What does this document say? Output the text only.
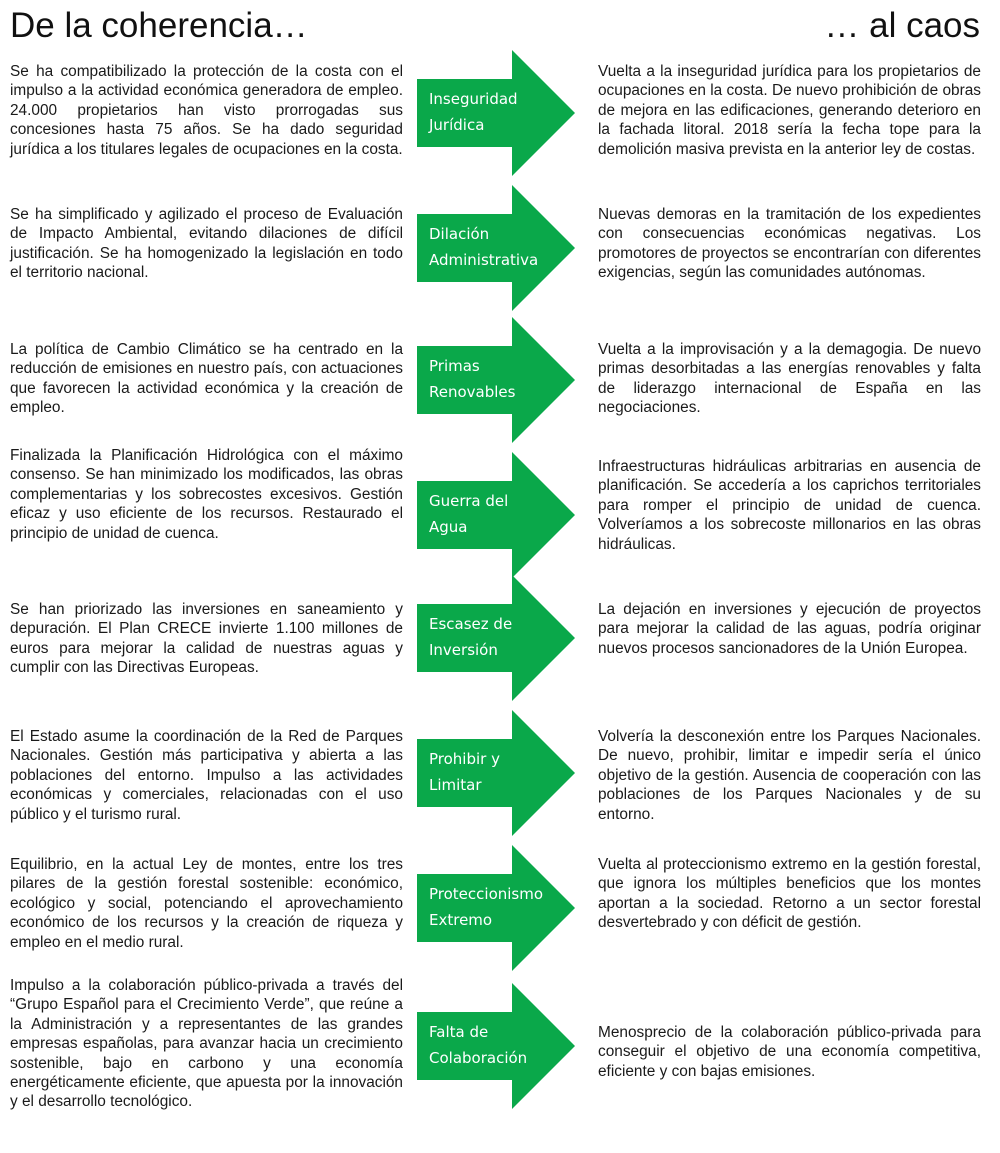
De la coherencia…	… al caos
Se ha compatibilizado la protección de la costa con el impulso a la actividad económica generadora de empleo. 24.000 propietarios han visto prorrogadas sus concesiones hasta 75 años. Se ha dado seguridad jurídica a los titulares legales de ocupaciones en la costa.
Inseguridad
Jurídica
Vuelta a la inseguridad jurídica para los propietarios de ocupaciones en la costa. De nuevo prohibición de obras de mejora en las edificaciones, generando deterioro en la fachada litoral. 2018 sería la fecha tope para la demolición masiva prevista en la anterior ley de costas.
Se ha simplificado y agilizado el proceso de Evaluación de Impacto Ambiental, evitando dilaciones de difícil justificación. Se ha homogenizado la legislación en todo el territorio nacional.
Dilación
Administrativa
Nuevas demoras en la tramitación de los expedientes con consecuencias económicas negativas. Los promotores de proyectos se encontrarían con diferentes exigencias, según las comunidades autónomas.
La política de Cambio Climático se ha centrado en la reducción de emisiones en nuestro país, con actuaciones que favorecen la actividad económica y la creación de empleo.
Primas
Renovables
Vuelta a la improvisación y a la demagogia. De nuevo primas desorbitadas a las energías renovables y falta de liderazgo internacional de España en las negociaciones.
Finalizada la Planificación Hidrológica con el máximo consenso. Se han minimizado los modificados, las obras complementarias y los sobrecostes excesivos. Gestión eficaz y uso eficiente de los recursos. Restaurado el principio de unidad de cuenca.
Guerra del
Agua
Infraestructuras hidráulicas arbitrarias en ausencia de planificación. Se accedería a los caprichos territoriales para romper el principio de unidad de cuenca. Volveríamos a los sobrecoste millonarios en las obras hidráulicas.
Se han priorizado las inversiones en saneamiento y depuración. El Plan CRECE invierte 1.100 millones de euros para mejorar la calidad de nuestras aguas y cumplir con las Directivas Europeas.
Escasez de
Inversión
La dejación en inversiones y ejecución de proyectos para mejorar la calidad de las aguas, podría originar nuevos procesos sancionadores de la Unión Europea.
El Estado asume la coordinación de la Red de Parques Nacionales. Gestión más participativa y abierta a las poblaciones del entorno. Impulso a las actividades económicas y comerciales, relacionadas con el uso público y el turismo rural.
Prohibir y
Limitar
Volvería la desconexión entre los Parques Nacionales. De nuevo, prohibir, limitar e impedir sería el único objetivo de la gestión. Ausencia de cooperación con las poblaciones de los Parques Nacionales y de su entorno.
Equilibrio, en la actual Ley de montes, entre los tres pilares de la gestión forestal sostenible: económico, ecológico y social, potenciando el aprovechamiento económico de los recursos y la creación de riqueza y empleo en el medio rural.
Proteccionismo
Extremo
Vuelta al proteccionismo extremo en la gestión forestal, que ignora los múltiples beneficios que los montes aportan a la sociedad. Retorno a un sector forestal desvertebrado y con déficit de gestión.
Impulso a la colaboración público-privada a través del “Grupo Español para el Crecimiento Verde”, que reúne a la Administración y a representantes de las grandes empresas españolas, para avanzar hacia un crecimiento sostenible, bajo en carbono y una economía energéticamente eficiente, que apuesta por la innovación y el desarrollo tecnológico.
Falta de
Colaboración
Menosprecio de la colaboración público-privada para conseguir el objetivo de una economía competitiva, eficiente y con bajas emisiones.
